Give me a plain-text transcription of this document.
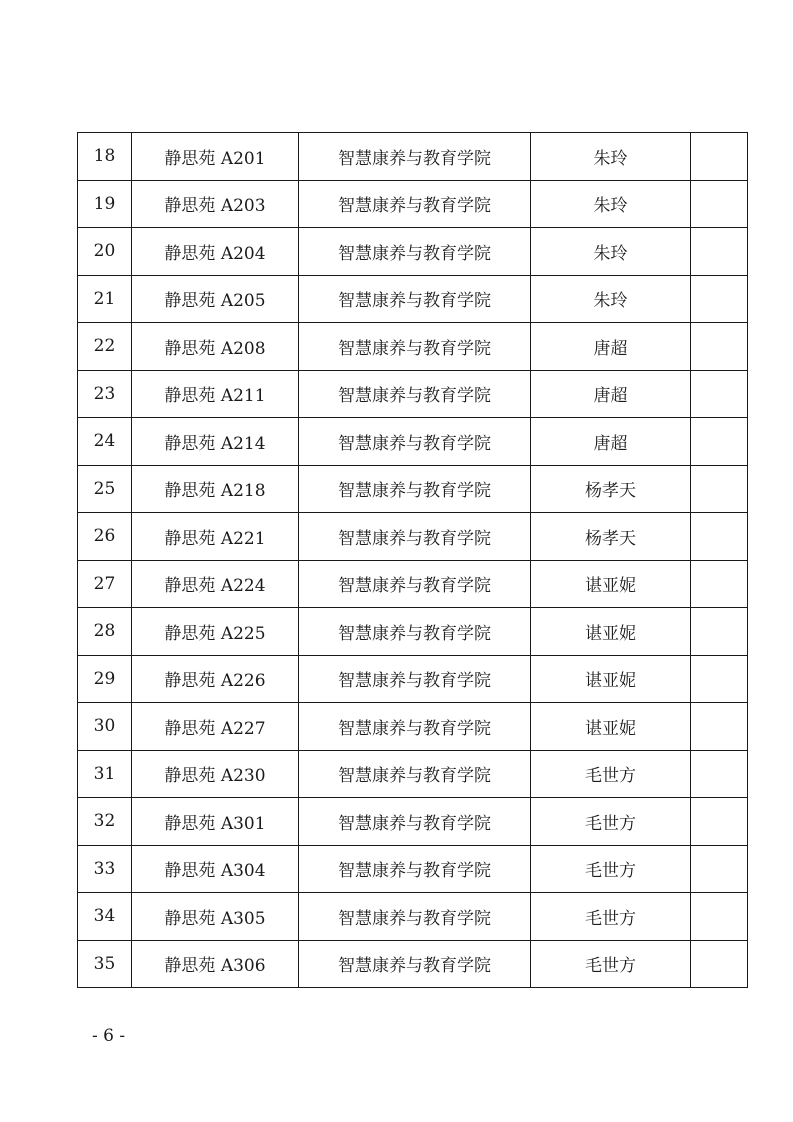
18	静思苑 A201	智慧康养与教育学院	朱玲	
19	静思苑 A203	智慧康养与教育学院	朱玲	
20	静思苑 A204	智慧康养与教育学院	朱玲	
21	静思苑 A205	智慧康养与教育学院	朱玲	
22	静思苑 A208	智慧康养与教育学院	唐超	
23	静思苑 A211	智慧康养与教育学院	唐超	
24	静思苑 A214	智慧康养与教育学院	唐超	
25	静思苑 A218	智慧康养与教育学院	杨孝天	
26	静思苑 A221	智慧康养与教育学院	杨孝天	
27	静思苑 A224	智慧康养与教育学院	谌亚妮	
28	静思苑 A225	智慧康养与教育学院	谌亚妮	
29	静思苑 A226	智慧康养与教育学院	谌亚妮	
30	静思苑 A227	智慧康养与教育学院	谌亚妮	
31	静思苑 A230	智慧康养与教育学院	毛世方	
32	静思苑 A301	智慧康养与教育学院	毛世方	
33	静思苑 A304	智慧康养与教育学院	毛世方	
34	静思苑 A305	智慧康养与教育学院	毛世方	
35	静思苑 A306	智慧康养与教育学院	毛世方	
- 6 -
